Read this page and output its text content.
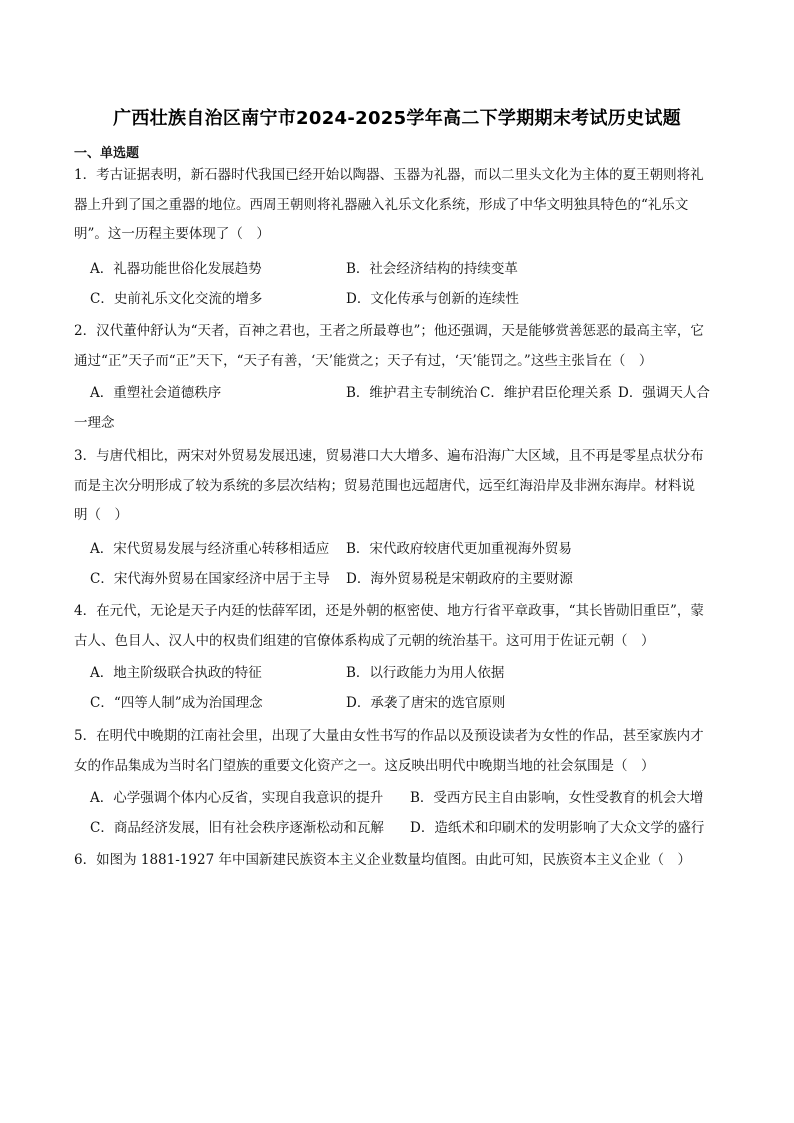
广西壮族自治区南宁市2024-2025学年高二下学期期末考试历史试题
一、单选题

1．考古证据表明，新石器时代我国已经开始以陶器、玉器为礼器，而以二里头文化为主体的夏王朝则将礼

器上升到了国之重器的地位。西周王朝则将礼器融入礼乐文化系统，形成了中华文明独具特色的“礼乐文

明”。这一历程主要体现了（　）

A．礼器功能世俗化发展趋势	B．社会经济结构的持续变革
C．史前礼乐文化交流的增多	D．文化传承与创新的连续性

2．汉代董仲舒认为“天者，百神之君也，王者之所最尊也”；他还强调，天是能够赏善惩恶的最高主宰，它

通过“正”天子而“正”天下，“天子有善，‘天’能赏之；天子有过，‘天’能罚之。”这些主张旨在（　）

A．重塑社会道德秩序	B．维护君主专制统治 C．维护君臣伦理关系 D．强调天人合
一理念

3．与唐代相比，两宋对外贸易发展迅速，贸易港口大大增多、遍布沿海广大区域，且不再是零星点状分布

而是主次分明形成了较为系统的多层次结构；贸易范围也远超唐代，远至红海沿岸及非洲东海岸。材料说

明（　）

A．宋代贸易发展与经济重心转移相适应 B．宋代政府较唐代更加重视海外贸易
C．宋代海外贸易在国家经济中居于主导 D．海外贸易税是宋朝政府的主要财源

4．在元代，无论是天子内廷的怯薛军团，还是外朝的枢密使、地方行省平章政事，“其长皆勋旧重臣”，蒙

古人、色目人、汉人中的权贵们组建的官僚体系构成了元朝的统治基干。这可用于佐证元朝（　）

A．地主阶级联合执政的特征	B．以行政能力为用人依据
C．“四等人制”成为治国理念	D．承袭了唐宋的选官原则

5．在明代中晚期的江南社会里，出现了大量由女性书写的作品以及预设读者为女性的作品，甚至家族内才

女的作品集成为当时名门望族的重要文化资产之一。这反映出明代中晚期当地的社会氛围是（　）

A．心学强调个体内心反省，实现自我意识的提升 B．受西方民主自由影响，女性受教育的机会大增
C．商品经济发展，旧有社会秩序逐渐松动和瓦解 D．造纸术和印刷术的发明影响了大众文学的盛行

6．如图为 1881-1927 年中国新建民族资本主义企业数量均值图。由此可知，民族资本主义企业（　）
